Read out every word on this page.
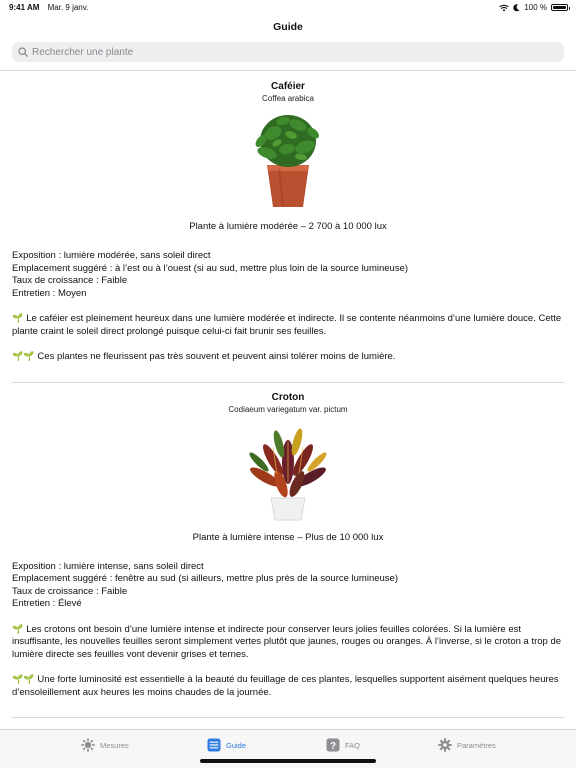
9:41 AM Mar. 9 janv.	100 %
Guide
Rechercher une plante
Caféier
Coffea arabica
Plante à lumière modérée – 2 700 à 10 000 lux
Exposition : lumière modérée, sans soleil direct
Emplacement suggéré : à l’est ou à l’ouest (si au sud, mettre plus loin de la source lumineuse)
Taux de croissance : Faible
Entretien : Moyen
🌱 Le caféier est pleinement heureux dans une lumière modérée et indirecte. Il se contente néanmoins d’une lumière douce. Cette plante craint le soleil direct prolongé puisque celui-ci fait brunir ses feuilles.
🌱🌱 Ces plantes ne fleurissent pas très souvent et peuvent ainsi tolérer moins de lumière.
Croton
Codiaeum variegatum var. pictum
Plante à lumière intense – Plus de 10 000 lux
Exposition : lumière intense, sans soleil direct
Emplacement suggéré : fenêtre au sud (si ailleurs, mettre plus près de la source lumineuse)
Taux de croissance : Faible
Entretien : Élevé
🌱 Les crotons ont besoin d’une lumière intense et indirecte pour conserver leurs jolies feuilles colorées. Si la lumière est insuffisante, les nouvelles feuilles seront simplement vertes plutôt que jaunes, rouges ou oranges. À l’inverse, si le croton a trop de lumière directe ses feuilles vont devenir grises et ternes.
🌱🌱 Une forte luminosité est essentielle à la beauté du feuillage de ces plantes, lesquelles supportent aisément quelques heures d’ensoleillement aux heures les moins chaudes de la journée.
Mesures	Guide	? FAQ	Paramètres
